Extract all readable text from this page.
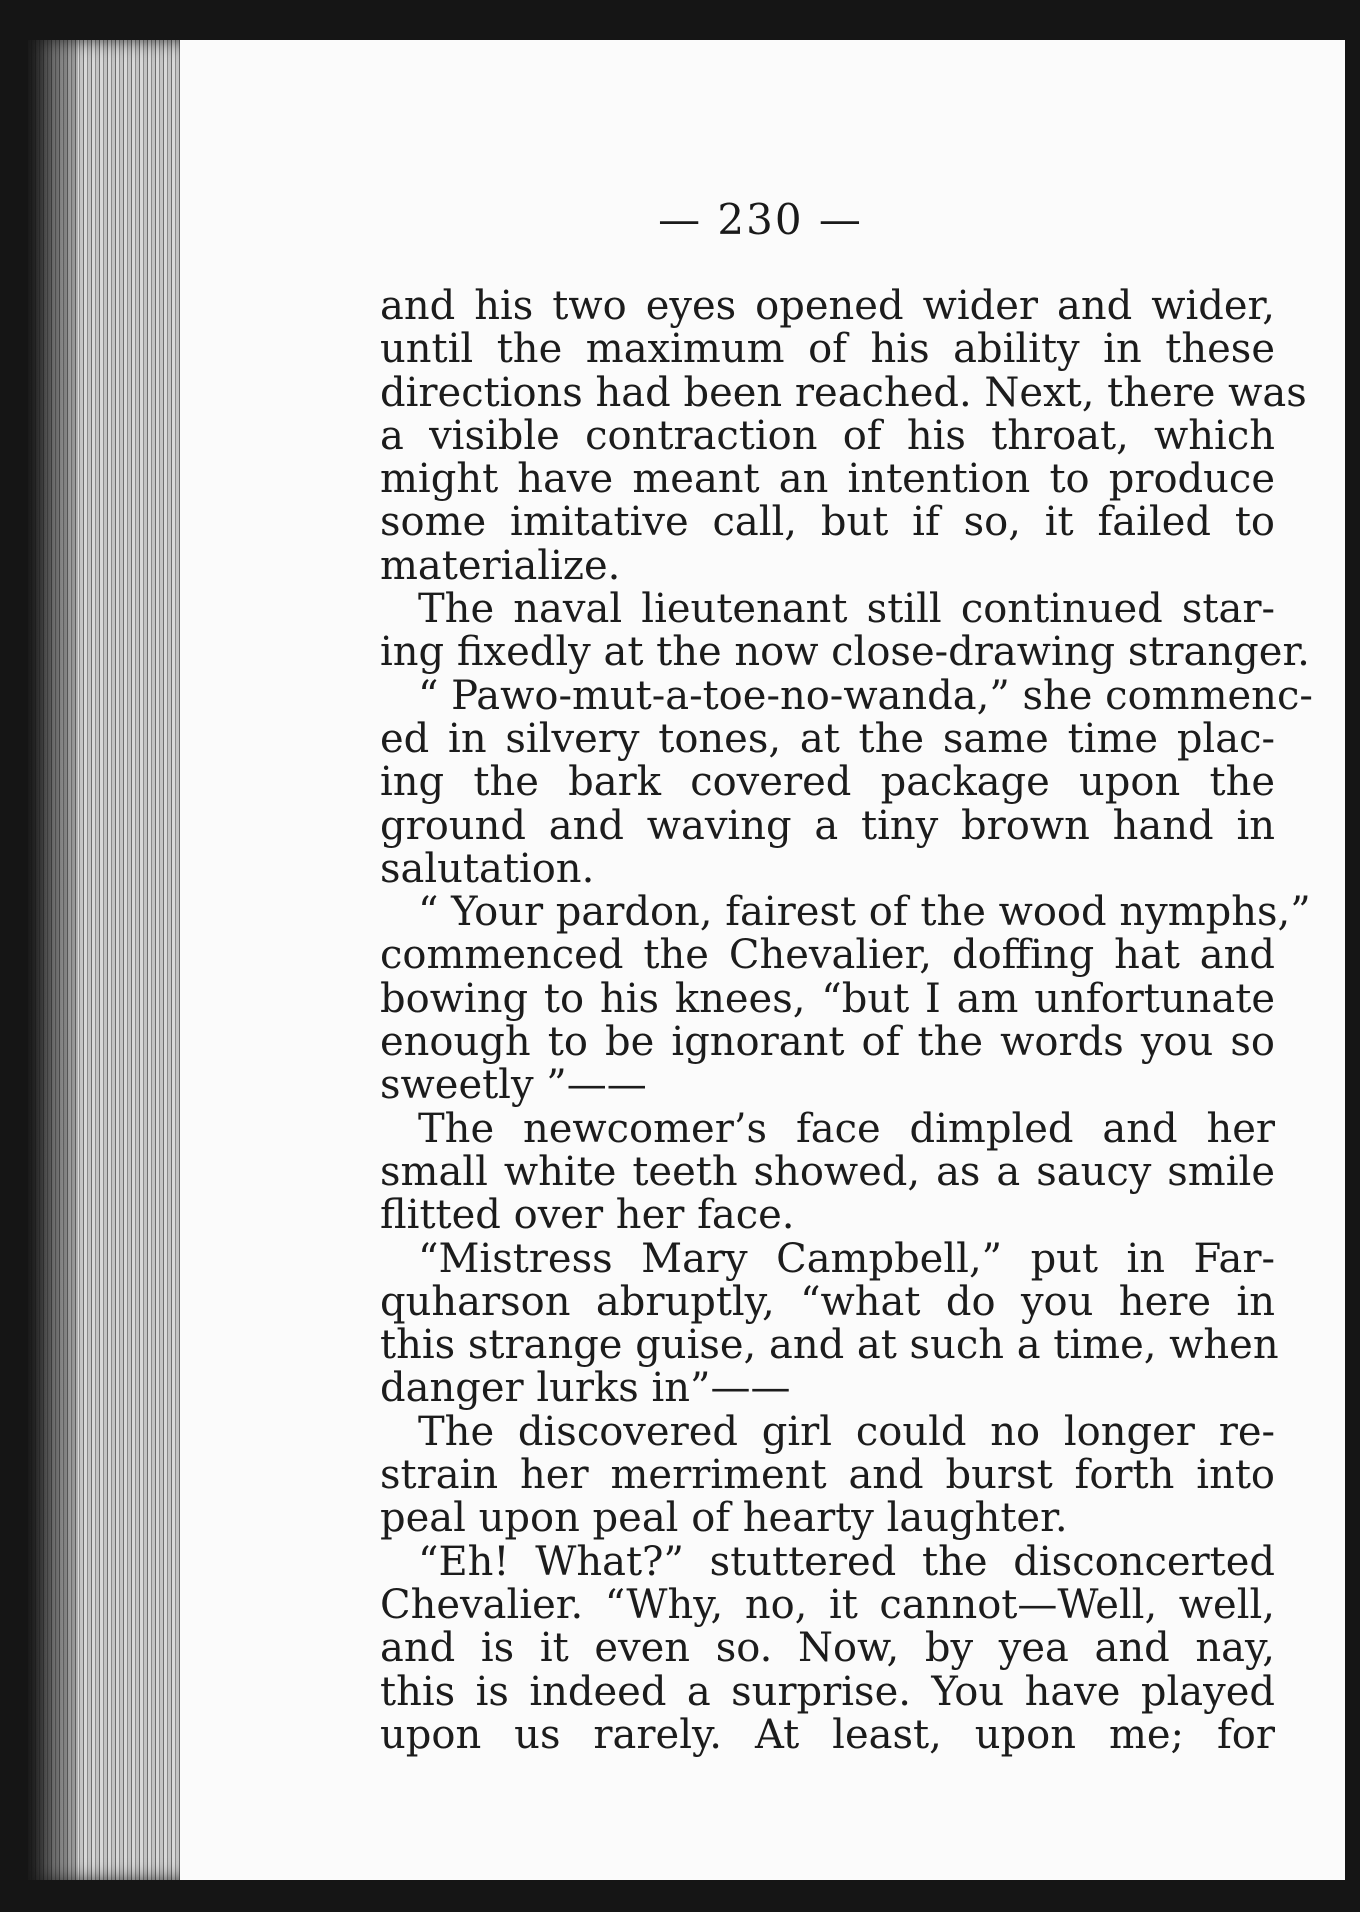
— 230 —
and his two eyes opened wider and wider,
until the maximum of his ability in these
directions had been reached. Next, there was
a visible contraction of his throat, which
might have meant an intention to produce
some imitative call, but if so, it failed to
materialize.
The naval lieutenant still continued star-
ing fixedly at the now close-drawing stranger.
“ Pawo-mut-a-toe-no-wanda,” she commenc-
ed in silvery tones, at the same time plac-
ing the bark covered package upon the
ground and waving a tiny brown hand in
salutation.
“ Your pardon, fairest of the wood nymphs,”
commenced the Chevalier, doffing hat and
bowing to his knees, “but I am unfortunate
enough to be ignorant of the words you so
sweetly ”——
The newcomer’s face dimpled and her
small white teeth showed, as a saucy smile
flitted over her face.
“Mistress Mary Campbell,” put in Far-
quharson abruptly, “what do you here in
this strange guise, and at such a time, when
danger lurks in”——
The discovered girl could no longer re-
strain her merriment and burst forth into
peal upon peal of hearty laughter.
“Eh! What?” stuttered the disconcerted
Chevalier. “Why, no, it cannot—Well, well,
and is it even so. Now, by yea and nay,
this is indeed a surprise. You have played
upon us rarely. At least, upon me; for
